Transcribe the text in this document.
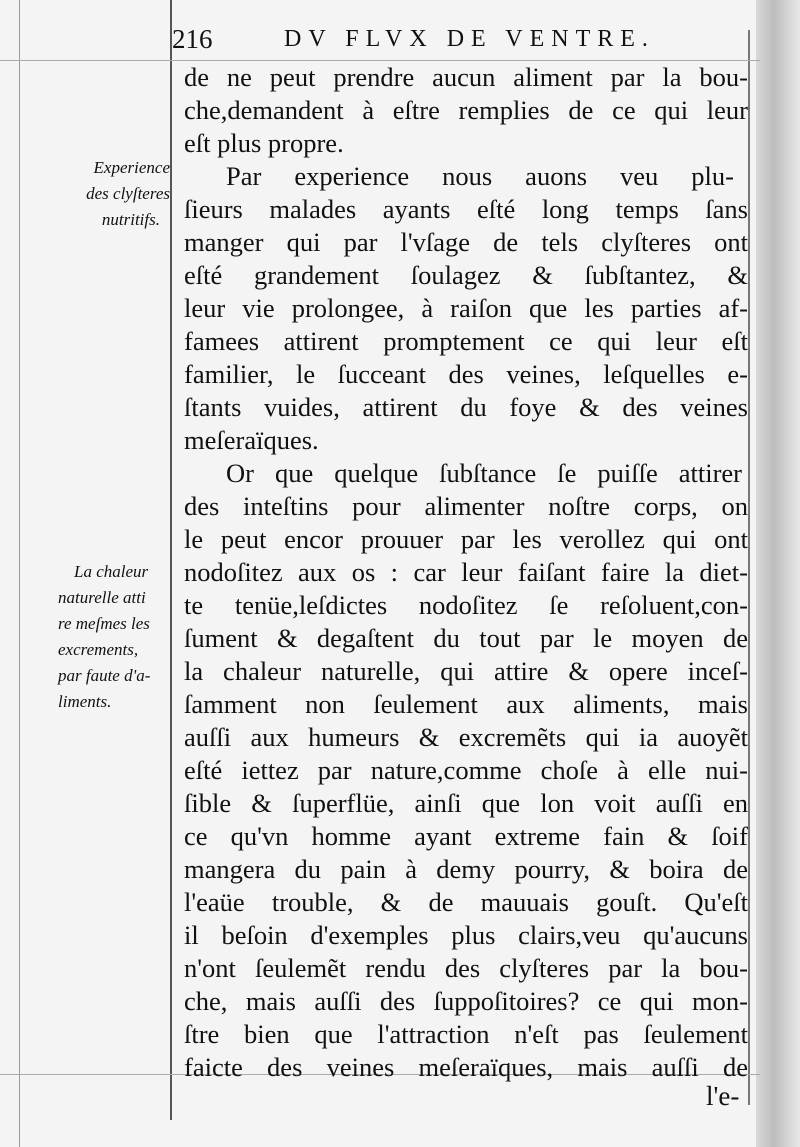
216	DV FLVX DE VENTRE.
de ne peut prendre aucun aliment par la bou-
che,demandent à eſtre remplies de ce qui leur
eſt plus propre.
Par experience nous auons veu plu-
ſieurs malades ayants eſté long temps ſans
manger qui par l'vſage de tels clyſteres ont
eſté grandement ſoulagez & ſubſtantez, &
leur vie prolongee, à raiſon que les parties af-
famees attirent promptement ce qui leur eſt
familier, le ſucceant des veines, leſquelles e-
ſtants vuides, attirent du foye & des veines
meſeraïques.
Or que quelque ſubſtance ſe puiſſe attirer
des inteſtins pour alimenter noſtre corps, on
le peut encor prouuer par les verollez qui ont
nodoſitez aux os : car leur faiſant faire la diet-
te tenüe,leſdictes nodoſitez ſe reſoluent,con-
ſument & degaſtent du tout par le moyen de
la chaleur naturelle, qui attire & opere inceſ-
ſamment non ſeulement aux aliments, mais
auſſi aux humeurs & excremẽts qui ia auoyẽt
eſté iettez par nature,comme choſe à elle nui-
ſible & ſuperflüe, ainſi que lon voit auſſi en
ce qu'vn homme ayant extreme fain & ſoif
mangera du pain à demy pourry, & boira de
l'eaüe trouble, & de mauuais gouſt. Qu'eſt
il beſoin d'exemples plus clairs,veu qu'aucuns
n'ont ſeulemẽt rendu des clyſteres par la bou-
che, mais auſſi des ſuppoſitoires? ce qui mon-
ſtre bien que l'attraction n'eſt pas ſeulement
faicte des veines meſeraïques, mais auſſi de
l'e-
Experience
des clyſteres
nutritifs.
La chaleur
naturelle atti
re meſmes les
excrements,
par faute d'a-
liments.
